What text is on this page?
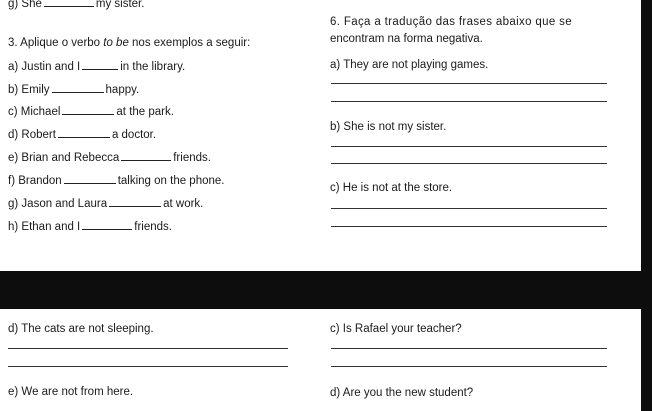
g) She	my sister.
3. Aplique o verbo to be nos exemplos a seguir:
a) Justin and I	in the library.
b) Emily	happy.
c) Michael	at the park.
d) Robert	a doctor.
e) Brian and Rebecca	friends.
f) Brandon	talking on the phone.
g) Jason and Laura	at work.
h) Ethan and I	friends.
6. Faça a tradução das frases abaixo que se
encontram na forma negativa.
a) They are not playing games.
b) She is not my sister.
c) He is not at the store.
d) The cats are not sleeping.
e) We are not from here.
c) Is Rafael your teacher?
d) Are you the new student?
